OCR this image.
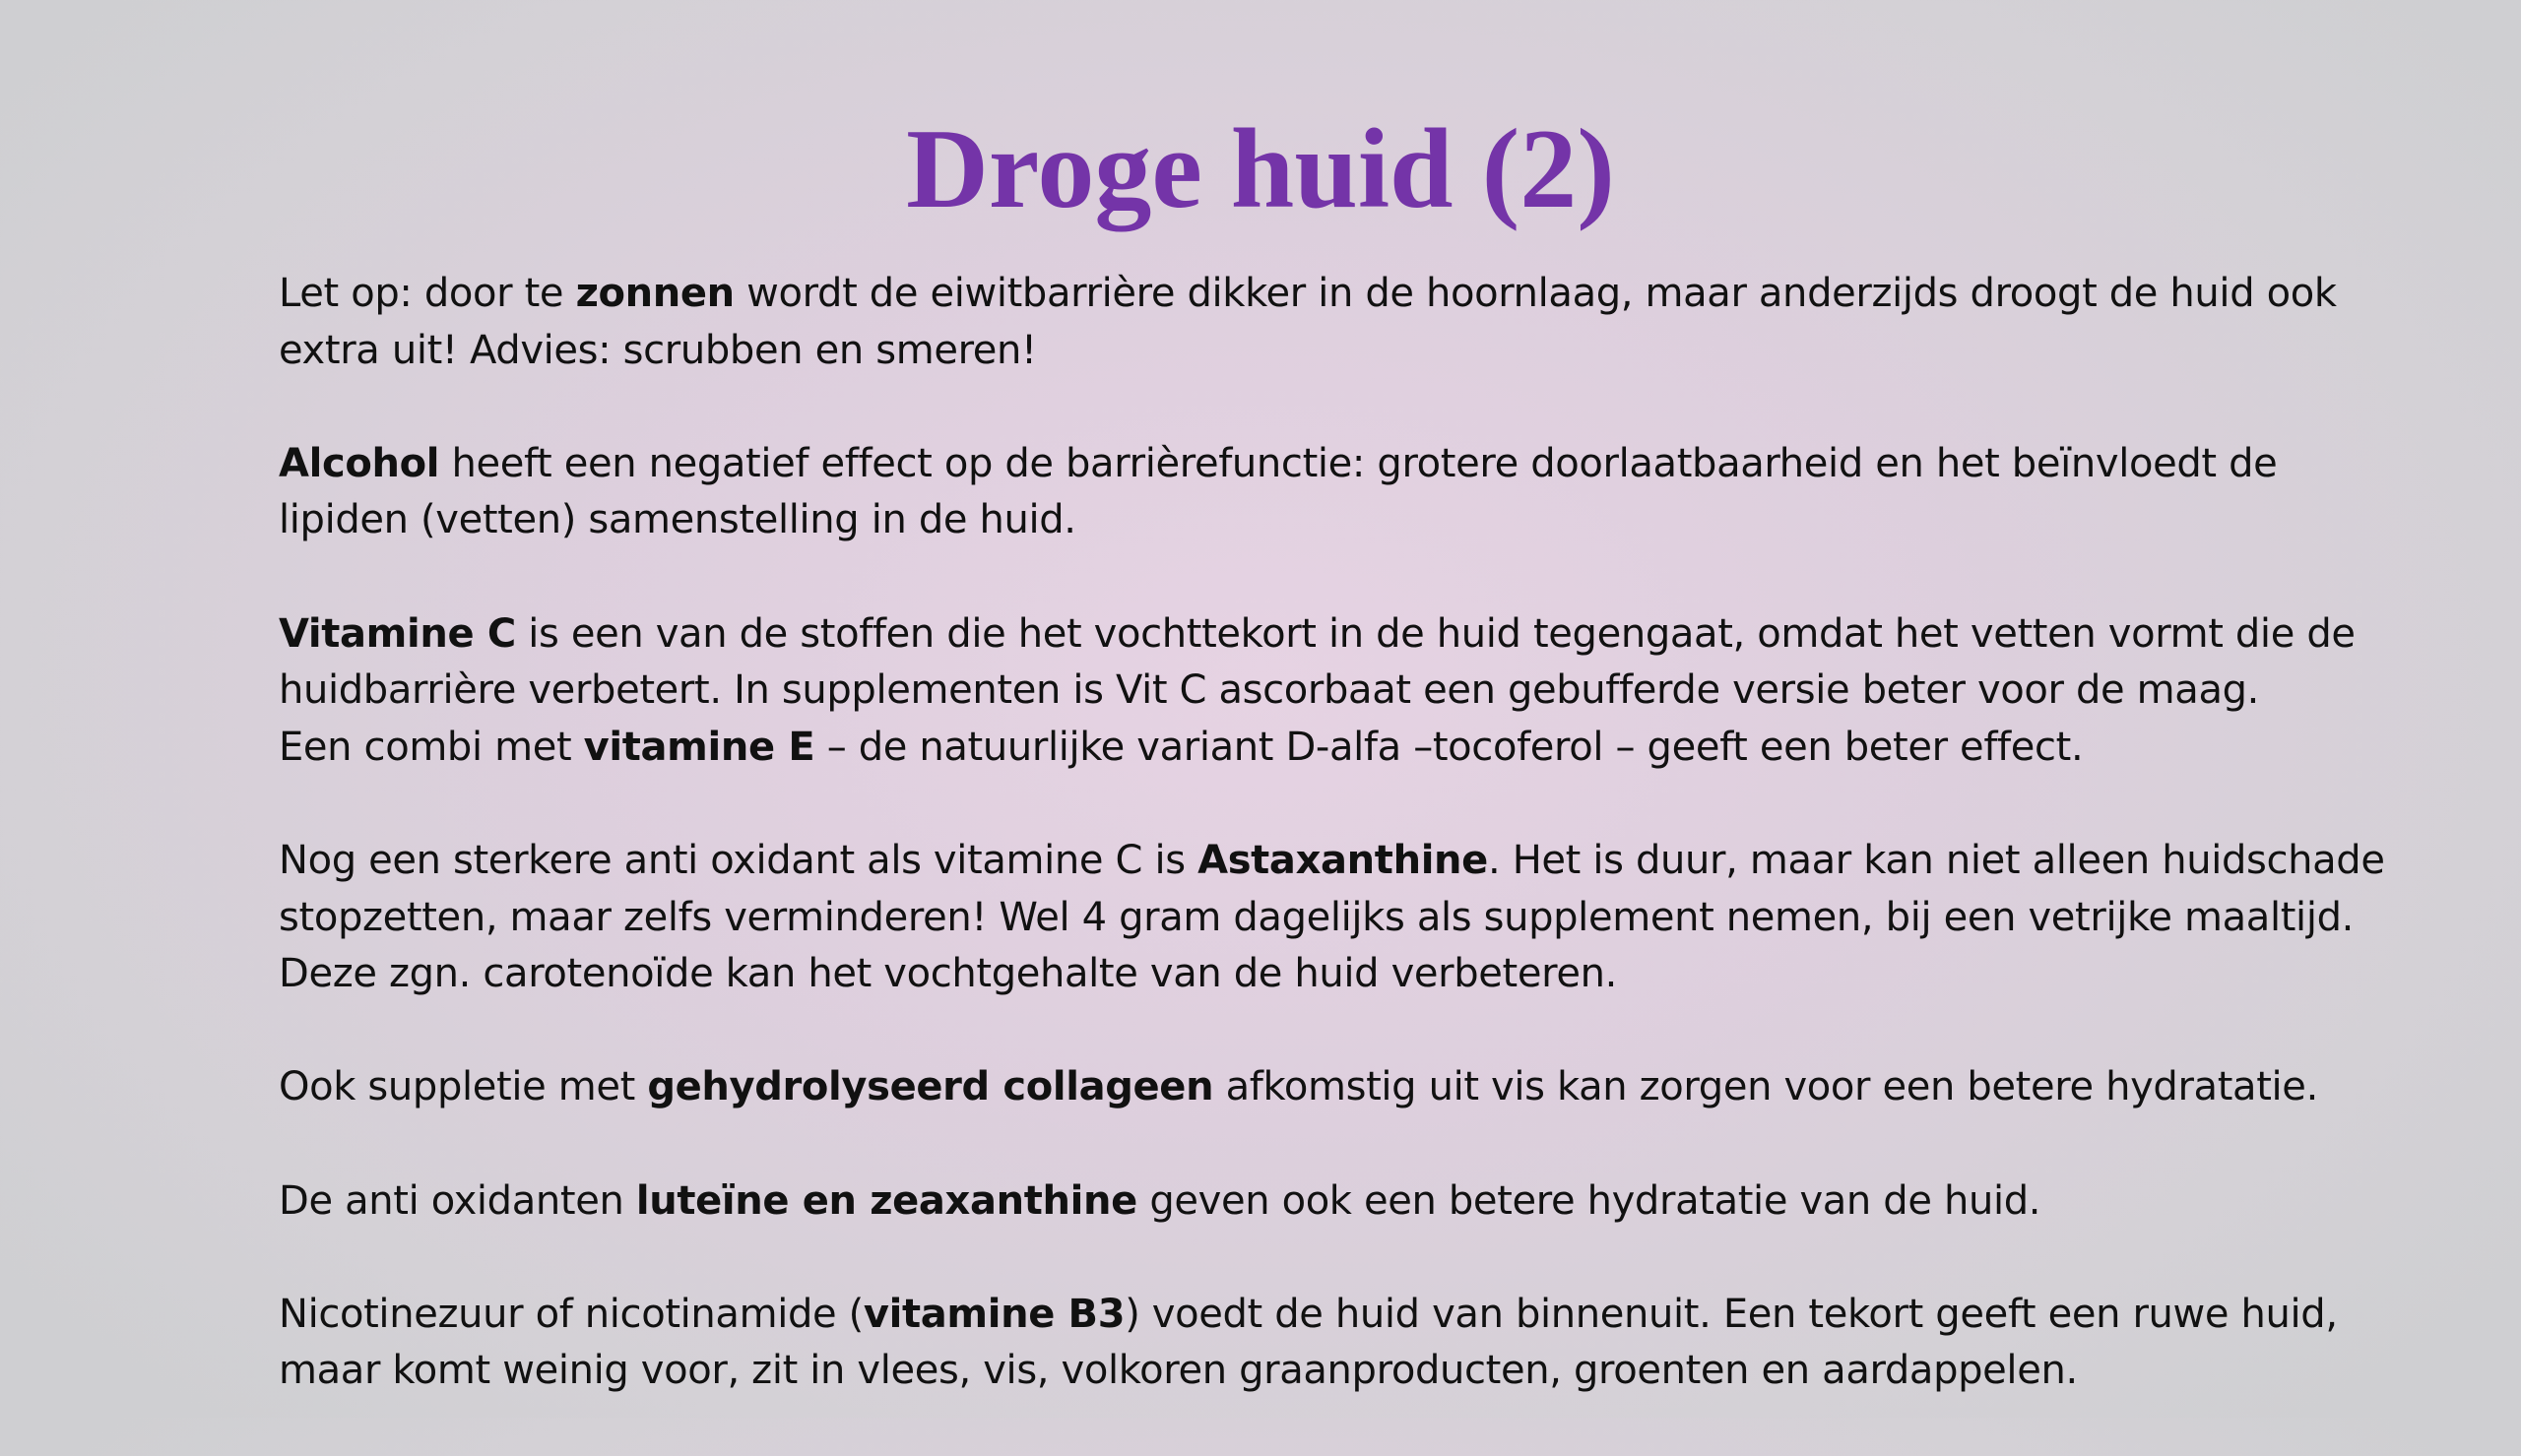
Droge huid (2)

Let op: door te zonnen wordt de eiwitbarrière dikker in de hoornlaag, maar anderzijds droogt de huid ook
extra uit! Advies: scrubben en smeren!

Alcohol heeft een negatief effect op de barrièrefunctie: grotere doorlaatbaarheid en het beïnvloedt de
lipiden (vetten) samenstelling in de huid.

Vitamine C is een van de stoffen die het vochttekort in de huid tegengaat, omdat het vetten vormt die de
huidbarrière verbetert. In supplementen is Vit C ascorbaat een gebufferde versie beter voor de maag.
Een combi met vitamine E – de natuurlijke variant D-alfa –tocoferol – geeft een beter effect.

Nog een sterkere anti oxidant als vitamine C is Astaxanthine. Het is duur, maar kan niet alleen huidschade
stopzetten, maar zelfs verminderen! Wel 4 gram dagelijks als supplement nemen, bij een vetrijke maaltijd.
Deze zgn. carotenoïde kan het vochtgehalte van de huid verbeteren.

Ook suppletie met gehydrolyseerd collageen afkomstig uit vis kan zorgen voor een betere hydratatie.

De anti oxidanten luteïne en zeaxanthine geven ook een betere hydratatie van de huid.

Nicotinezuur of nicotinamide (vitamine B3) voedt de huid van binnenuit. Een tekort geeft een ruwe huid,
maar komt weinig voor, zit in vlees, vis, volkoren graanproducten, groenten en aardappelen.
